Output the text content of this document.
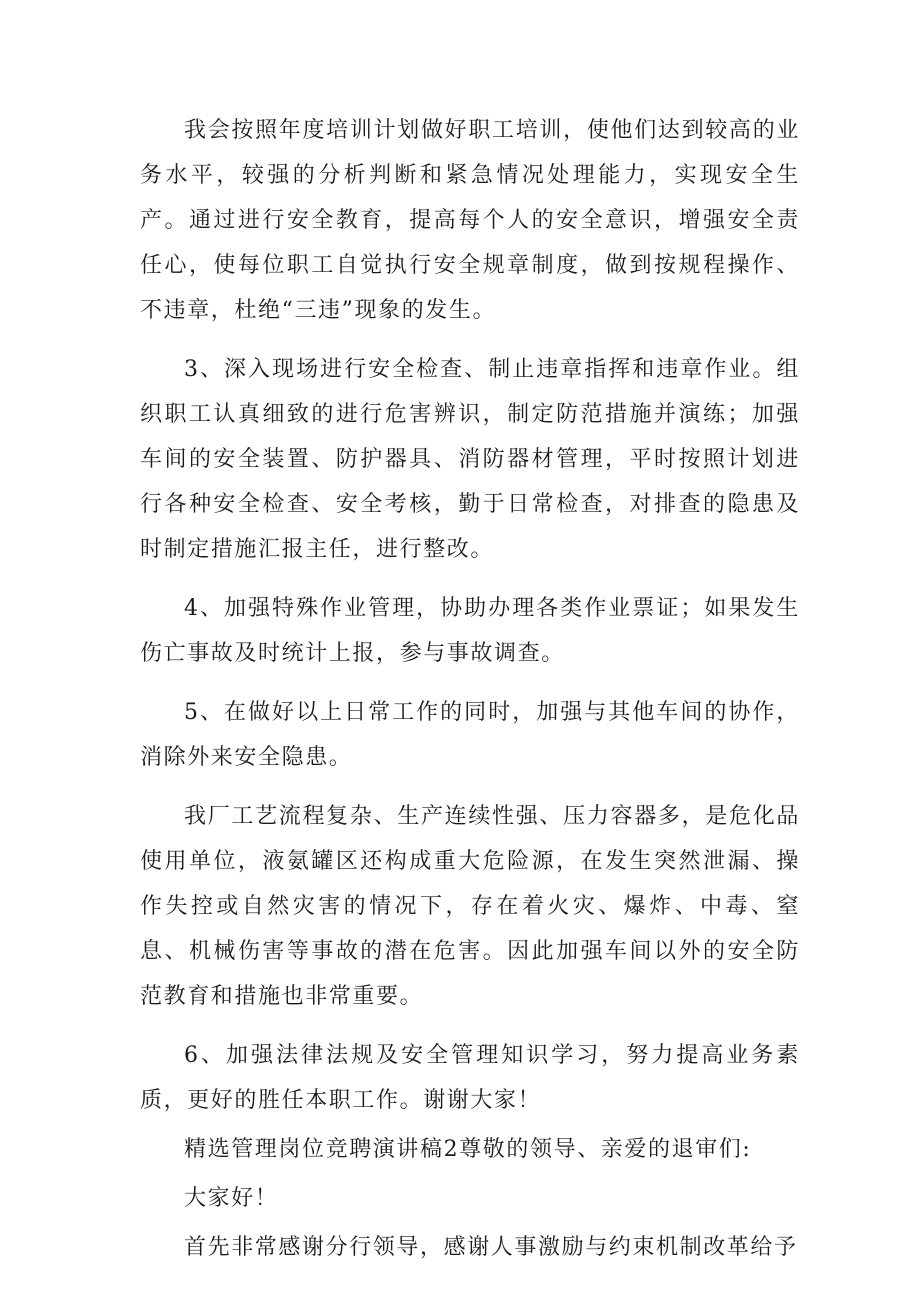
我会按照年度培训计划做好职工培训，使他们达到较高的业务水平，较强的分析判断和紧急情况处理能力，实现安全生产。通过进行安全教育，提高每个人的安全意识，增强安全责任心，使每位职工自觉执行安全规章制度，做到按规程操作、不违章，杜绝“三违”现象的发生。

3、深入现场进行安全检查、制止违章指挥和违章作业。组织职工认真细致的进行危害辨识，制定防范措施并演练；加强车间的安全装置、防护器具、消防器材管理，平时按照计划进行各种安全检查、安全考核，勤于日常检查，对排查的隐患及时制定措施汇报主任，进行整改。

4、加强特殊作业管理，协助办理各类作业票证；如果发生伤亡事故及时统计上报，参与事故调查。

5、在做好以上日常工作的同时，加强与其他车间的协作，消除外来安全隐患。

我厂工艺流程复杂、生产连续性强、压力容器多，是危化品使用单位，液氨罐区还构成重大危险源，在发生突然泄漏、操作失控或自然灾害的情况下，存在着火灾、爆炸、中毒、窒息、机械伤害等事故的潜在危害。因此加强车间以外的安全防范教育和措施也非常重要。

6、加强法律法规及安全管理知识学习，努力提高业务素质，更好的胜任本职工作。谢谢大家！

精选管理岗位竞聘演讲稿2尊敬的领导、亲爱的退审们:

大家好！

首先非常感谢分行领导，感谢人事激励与约束机制改革给予
